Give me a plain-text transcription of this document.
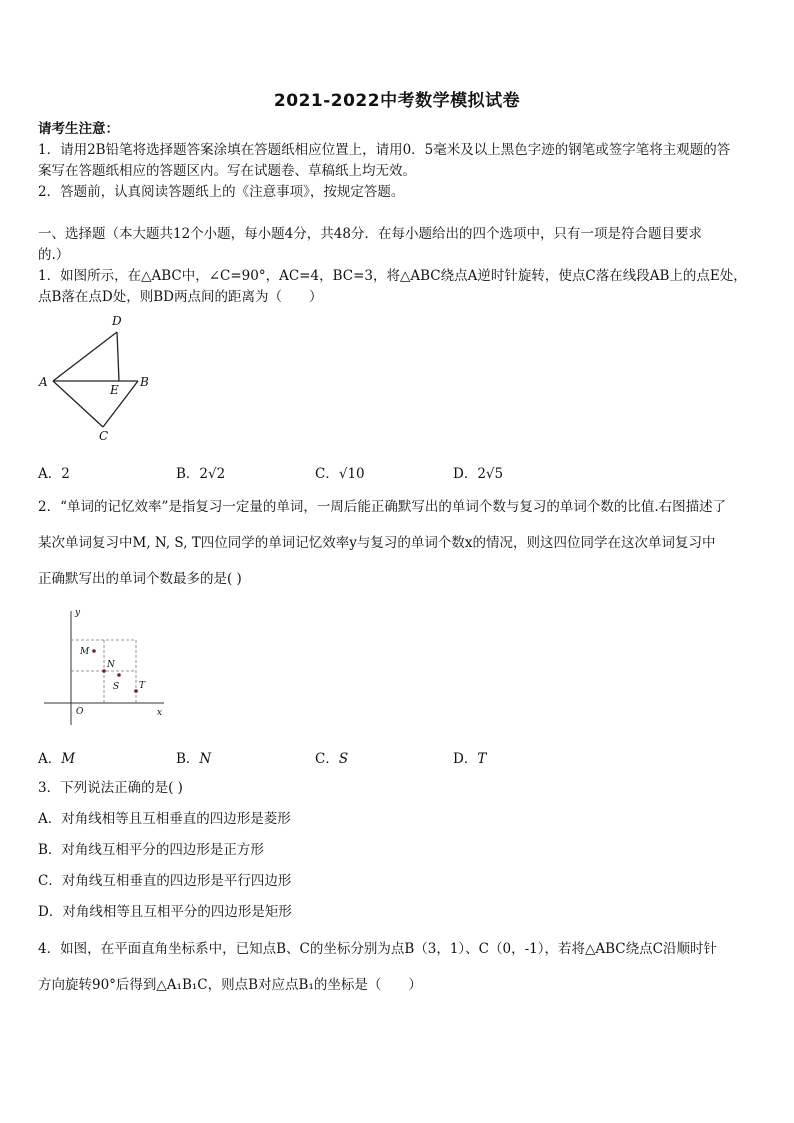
2021-2022中考数学模拟试卷
请考生注意：
1．请用2B铅笔将选择题答案涂填在答题纸相应位置上，请用0．5毫米及以上黑色字迹的钢笔或签字笔将主观题的答
案写在答题纸相应的答题区内。写在试题卷、草稿纸上均无效。
2．答题前，认真阅读答题纸上的《注意事项》，按规定答题。
一、选择题（本大题共12个小题，每小题4分，共48分．在每小题给出的四个选项中，只有一项是符合题目要求
的.）
1．如图所示，在△ABC中，∠C=90°，AC=4，BC=3，将△ABC绕点A逆时针旋转，使点C落在线段AB上的点E处，
点B落在点D处，则BD两点间的距离为（　　）
D
A
E
B
C
A．2	B．2√2	C．√10	D．2√5
2．“单词的记忆效率”是指复习一定量的单词，一周后能正确默写出的单词个数与复习的单词个数的比值.右图描述了
某次单词复习中M, N, S, T四位同学的单词记忆效率y与复习的单词个数x的情况，则这四位同学在这次单词复习中
正确默写出的单词个数最多的是( )
y
x
O
M
N
S T
A．M	B．N	C．S	D．T
3．下列说法正确的是( )
A．对角线相等且互相垂直的四边形是菱形
B．对角线互相平分的四边形是正方形
C．对角线互相垂直的四边形是平行四边形
D．对角线相等且互相平分的四边形是矩形
4．如图，在平面直角坐标系中，已知点B、C的坐标分别为点B（3，1）、C（0，-1），若将△ABC绕点C沿顺时针
方向旋转90°后得到△A₁B₁C，则点B对应点B₁的坐标是（　　）
